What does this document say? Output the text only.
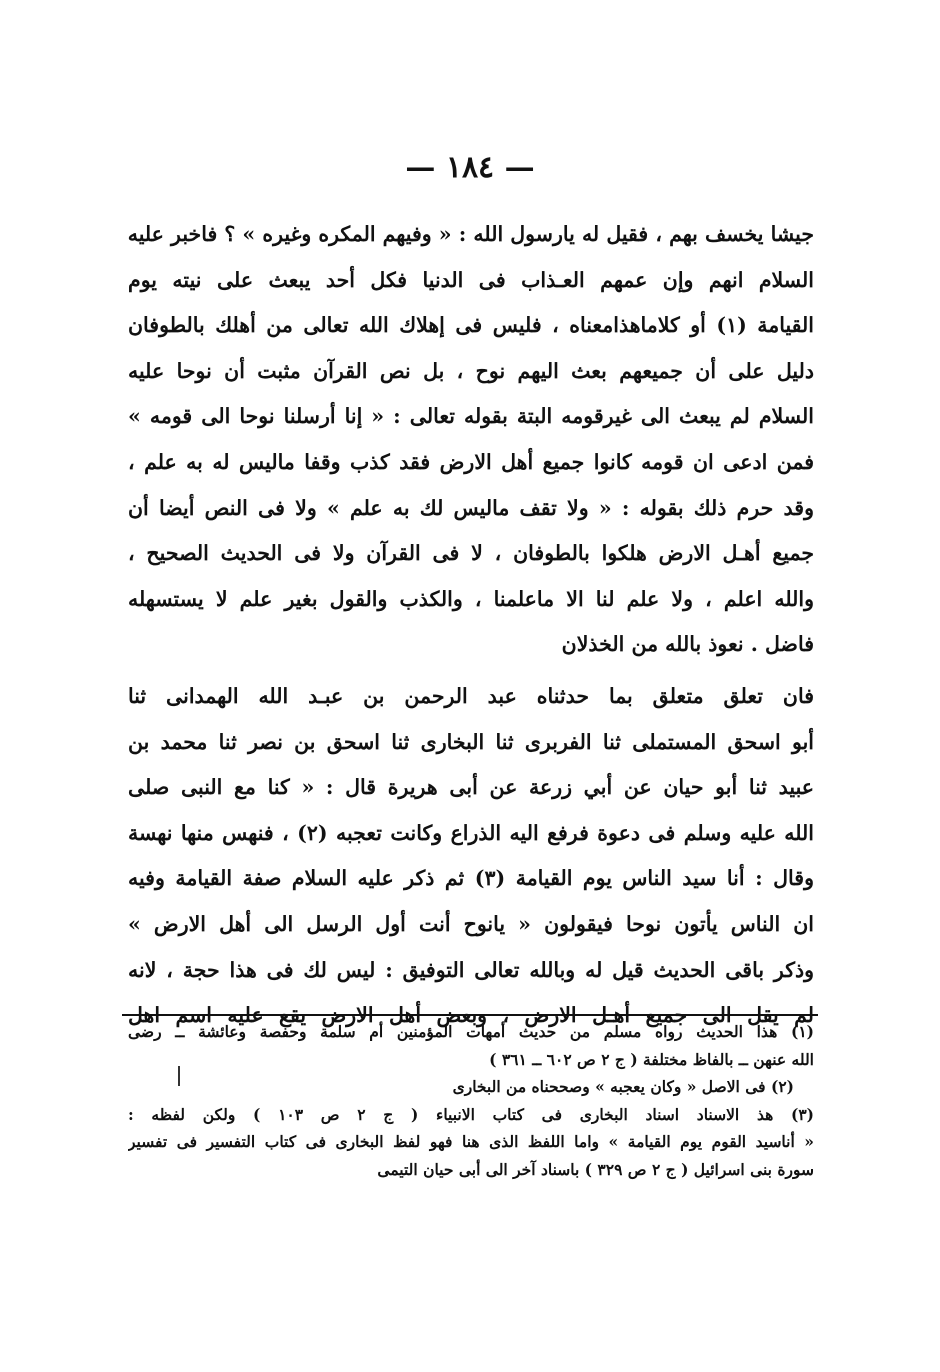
— ١٨٤ —
جيشا يخسف بهم ، فقيل له يارسول الله : « وفيهم المكره وغيره » ؟ فاخبر عليه
السلام انهم وإن عمهم العـذاب فى الدنيا فكل أحد يبعث على نيته يوم
القيامة (١) أو كلاماهذامعناه ، فليس فى إهلاك الله تعالى من أهلك بالطوفان
دليل على أن جميعهم بعث اليهم نوح ، بل نص القرآن مثبت أن نوحا عليه
السلام لم يبعث الى غيرقومه البتة بقوله تعالى : « إنا أرسلنا نوحا الى قومه »
فمن ادعى ان قومه كانوا جميع أهل الارض فقد كذب وقفا ماليس له به علم ،
وقد حرم ذلك بقوله : « ولا تقف ماليس لك به علم » ولا فى النص أيضا أن
جميع أهـل الارض هلكوا بالطوفان ، لا فى القرآن ولا فى الحديث الصحيح ،
والله اعلم ، ولا علم لنا الا ماعلمنا ، والكذب والقول بغير علم لا يستسهله
فاضل . نعوذ بالله من الخذلان
فان تعلق متعلق بما حدثناه عبد الرحمن بن عبـد الله الهمدانى ثنا
أبو اسحق المستملى ثنا الفربرى ثنا البخارى ثنا اسحق بن نصر ثنا محمد بن
عبيد ثنا أبو حيان عن أبي زرعة عن أبى هريرة قال : « كنا مع النبى صلى
الله عليه وسلم فى دعوة فرفع اليه الذراع وكانت تعجبه (٢) ، فنهس منها نهسة
وقال : أنا سيد الناس يوم القيامة (٣) ثم ذكر عليه السلام صفة القيامة وفيه
ان الناس يأتون نوحا فيقولون « يانوح أنت أول الرسل الى أهل الارض »
وذكر باقى الحديث قيل له وبالله تعالى التوفيق : ليس لك فى هذا حجة ، لانه
لم يقل الى جميع أهـل الارض ، وبعض أهل الارض يقع عليه اسم اهل
(١) هذا الحديث رواه مسلم من حديث أمهات المؤمنين أم سلمة وحفصة وعائشة ــ رضى
الله عنهن ــ بالفاظ مختلفة ( ج ٢ ص ٦٠٢ ــ ٣٦١ )
(٢) فى الاصل « وكان يعجبه » وصححناه من البخارى
(٣) هذ الاسناد اسناد البخارى فى كتاب الانبياء ( ج ٢ ص ١٠٣ ) ولكن لفظه :
« أناسيد القوم يوم القيامة » واما اللفظ الذى هنا فهو لفظ البخارى فى كتاب التفسير فى تفسير
سورة بنى اسرائيل ( ج ٢ ص ٣٢٩ ) باسناد آخر الى أبى حيان التيمى
